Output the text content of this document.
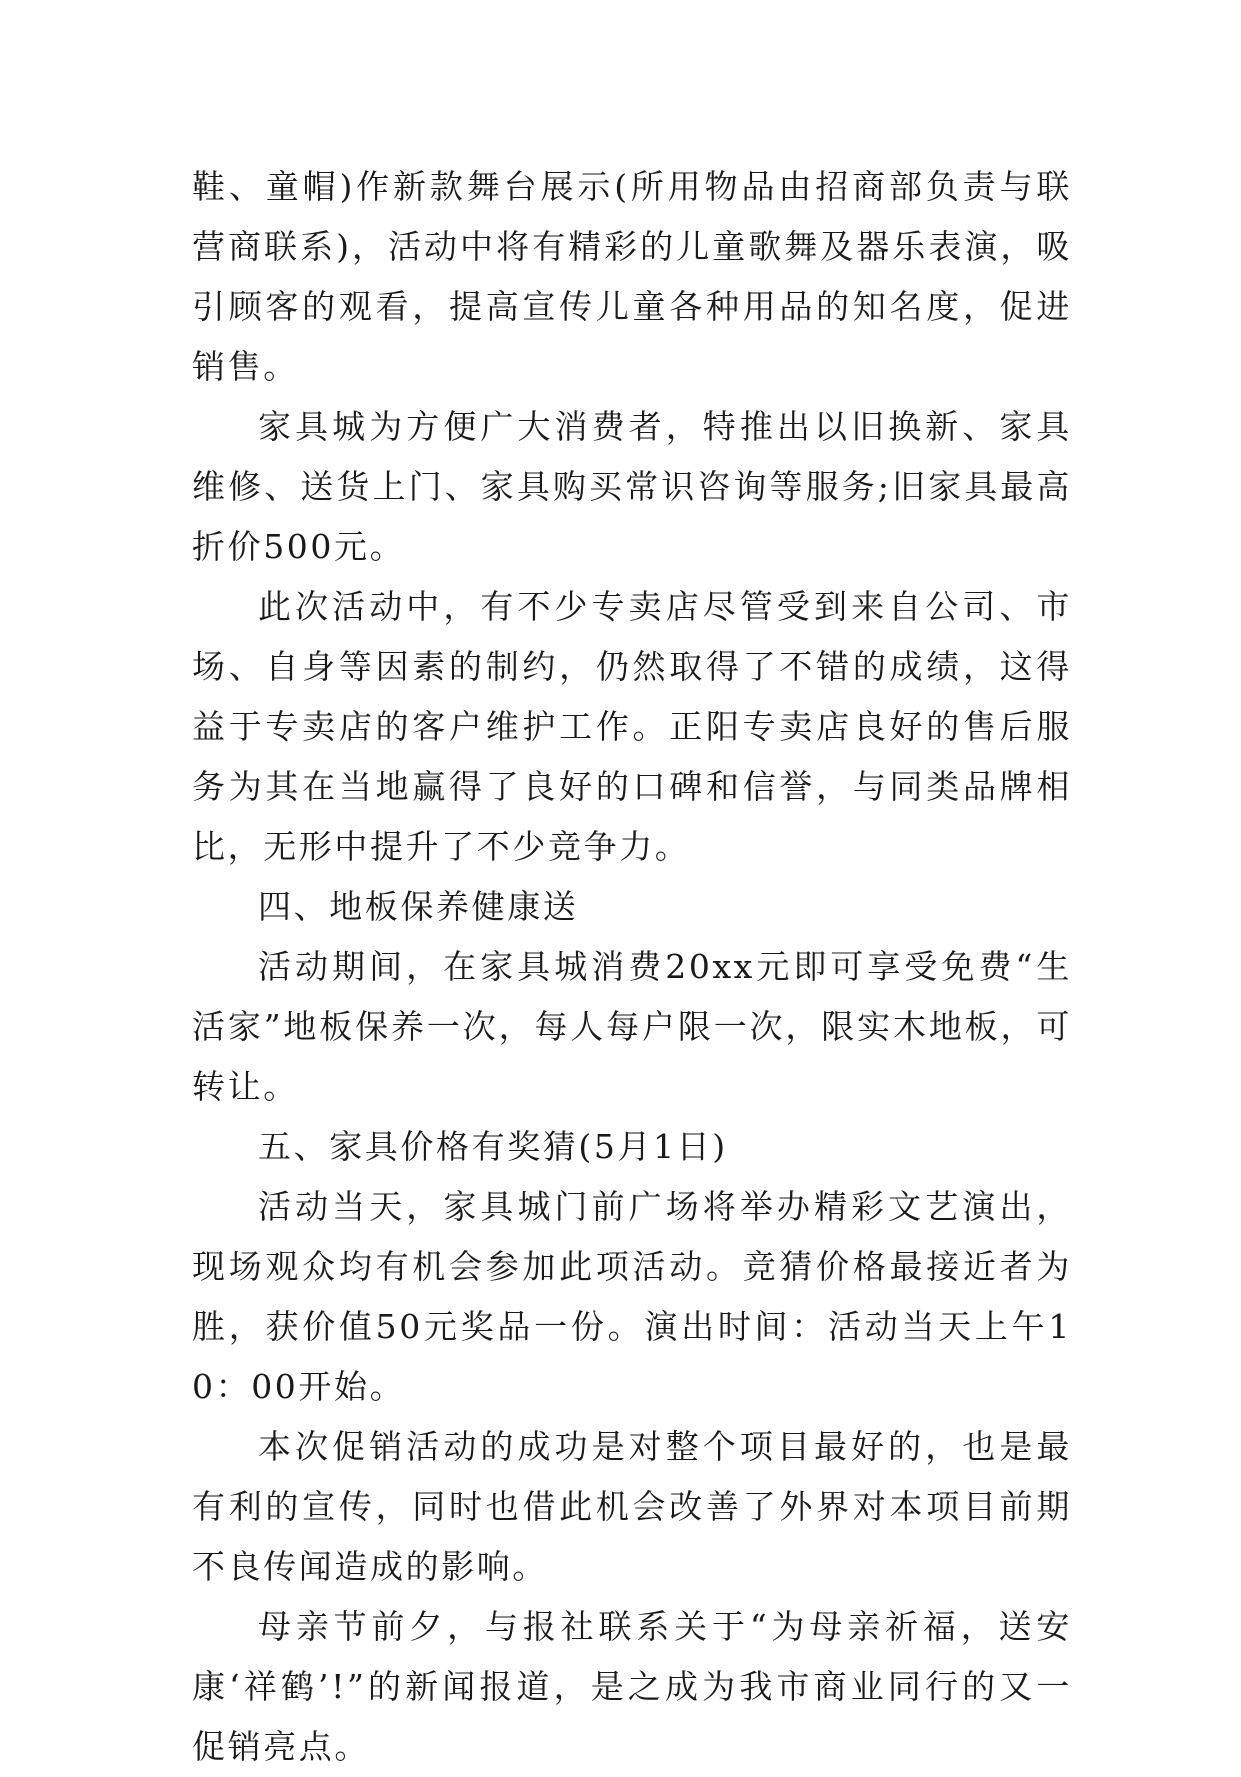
鞋、童帽)作新款舞台展示(所用物品由招商部负责与联营商联系)，活动中将有精彩的儿童歌舞及器乐表演，吸引顾客的观看，提高宣传儿童各种用品的知名度，促进销售。

家具城为方便广大消费者，特推出以旧换新、家具维修、送货上门、家具购买常识咨询等服务;旧家具最高折价500元。

此次活动中，有不少专卖店尽管受到来自公司、市场、自身等因素的制约，仍然取得了不错的成绩，这得益于专卖店的客户维护工作。正阳专卖店良好的售后服务为其在当地赢得了良好的口碑和信誉，与同类品牌相比，无形中提升了不少竞争力。

四、地板保养健康送

活动期间，在家具城消费20xx元即可享受免费“生活家”地板保养一次，每人每户限一次，限实木地板，可转让。

五、家具价格有奖猜(5月1日)

活动当天，家具城门前广场将举办精彩文艺演出，现场观众均有机会参加此项活动。竞猜价格最接近者为胜，获价值50元奖品一份。演出时间：活动当天上午10：00开始。

本次促销活动的成功是对整个项目最好的，也是最有利的宣传，同时也借此机会改善了外界对本项目前期不良传闻造成的影响。

母亲节前夕，与报社联系关于“为母亲祈福，送安康‘祥鹤’!”的新闻报道，是之成为我市商业同行的又一促销亮点。
